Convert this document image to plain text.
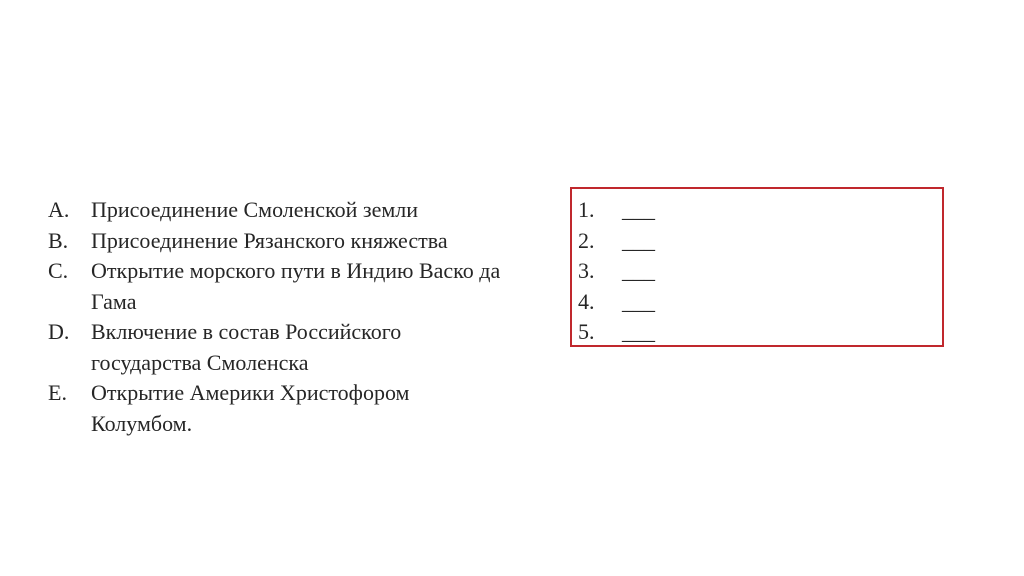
A. Присоединение Смоленской земли
B.	Присоединение Рязанского княжества
C.	Открытие морского пути в Индию Васко да Гама
D. Включение в состав Российского государства Смоленска
E.	Открытие Америки Христофором Колумбом.
1.	___
2.	___
3.	___
4.	___
5.	___
